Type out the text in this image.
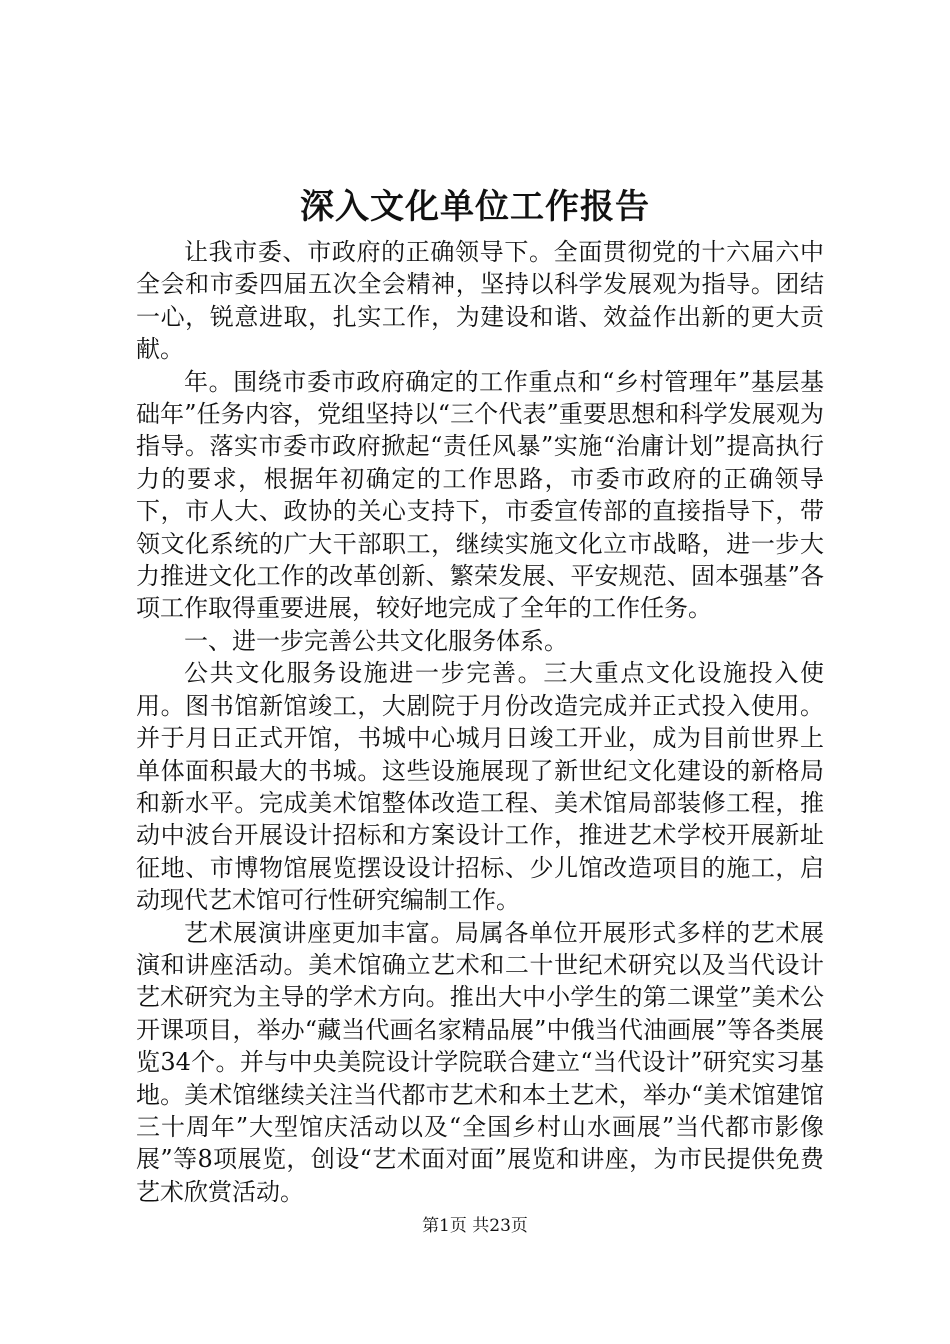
深入文化单位工作报告

让我市委、市政府的正确领导下。全面贯彻党的十六届六中全会和市委四届五次全会精神，坚持以科学发展观为指导。团结一心，锐意进取，扎实工作，为建设和谐、效益作出新的更大贡献。

年。围绕市委市政府确定的工作重点和“乡村管理年”基层基础年”任务内容，党组坚持以“三个代表”重要思想和科学发展观为指导。落实市委市政府掀起“责任风暴”实施“治庸计划”提高执行力的要求，根据年初确定的工作思路，市委市政府的正确领导下，市人大、政协的关心支持下，市委宣传部的直接指导下，带领文化系统的广大干部职工，继续实施文化立市战略，进一步大力推进文化工作的改革创新、繁荣发展、平安规范、固本强基”各项工作取得重要进展，较好地完成了全年的工作任务。

一、进一步完善公共文化服务体系。

公共文化服务设施进一步完善。三大重点文化设施投入使用。图书馆新馆竣工，大剧院于月份改造完成并正式投入使用。并于月日正式开馆，书城中心城月日竣工开业，成为目前世界上单体面积最大的书城。这些设施展现了新世纪文化建设的新格局和新水平。完成美术馆整体改造工程、美术馆局部装修工程，推动中波台开展设计招标和方案设计工作，推进艺术学校开展新址征地、市博物馆展览摆设设计招标、少儿馆改造项目的施工，启动现代艺术馆可行性研究编制工作。

艺术展演讲座更加丰富。局属各单位开展形式多样的艺术展演和讲座活动。美术馆确立艺术和二十世纪术研究以及当代设计艺术研究为主导的学术方向。推出大中小学生的第二课堂”美术公开课项目，举办“藏当代画名家精品展”中俄当代油画展”等各类展览34个。并与中央美院设计学院联合建立“当代设计”研究实习基地。美术馆继续关注当代都市艺术和本土艺术，举办“美术馆建馆三十周年”大型馆庆活动以及“全国乡村山水画展”当代都市影像展”等8项展览，创设“艺术面对面”展览和讲座，为市民提供免费艺术欣赏活动。

第1页 共23页
